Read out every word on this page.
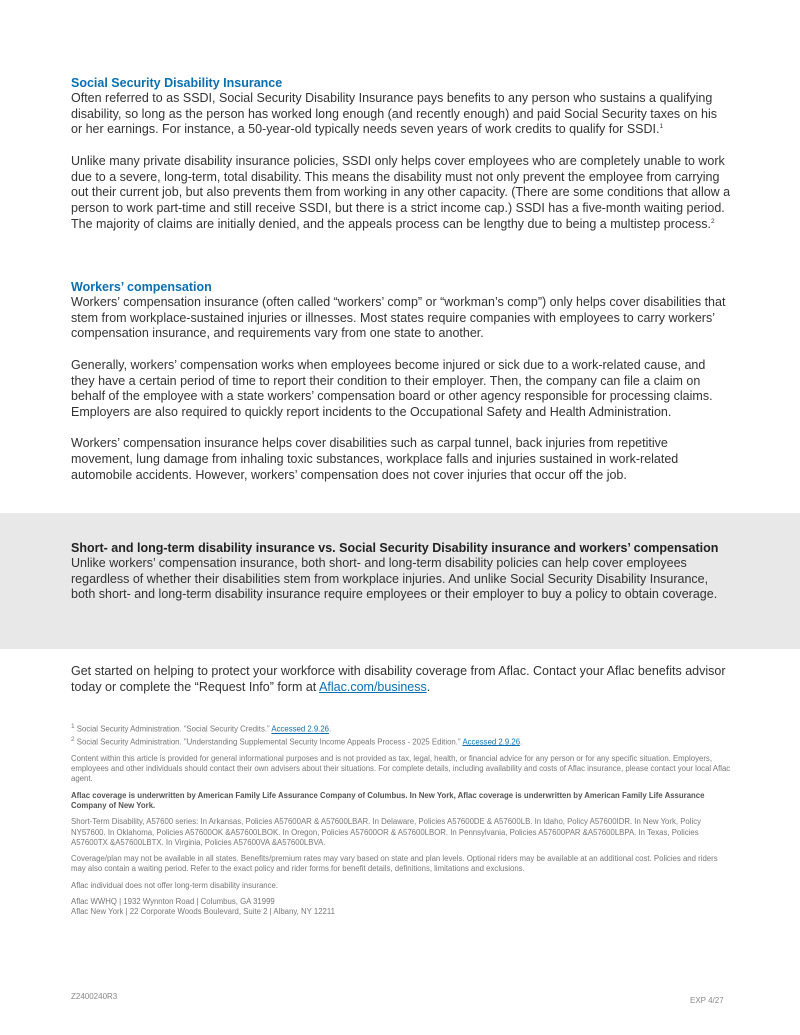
Social Security Disability Insurance

Often referred to as SSDI, Social Security Disability Insurance pays benefits to any person who sustains a qualifying disability, so long as the person has worked long enough (and recently enough) and paid Social Security taxes on his or her earnings. For instance, a 50-year-old typically needs seven years of work credits to qualify for SSDI.$^1$

Unlike many private disability insurance policies, SSDI only helps cover employees who are completely unable to work due to a severe, long-term, total disability. This means the disability must not only prevent the employee from carrying out their current job, but also prevents them from working in any other capacity. (There are some conditions that allow a person to work part-time and still receive SSDI, but there is a strict income cap.) SSDI has a five-month waiting period. The majority of claims are initially denied, and the appeals process can be lengthy due to being a multistep process.$^2$

Workers’ compensation

Workers’ compensation insurance (often called “workers’ comp” or “workman’s comp”) only helps cover disabilities that stem from workplace-sustained injuries or illnesses. Most states require companies with employees to carry workers’ compensation insurance, and requirements vary from one state to another.

Generally, workers’ compensation works when employees become injured or sick due to a work-related cause, and they have a certain period of time to report their condition to their employer. Then, the company can file a claim on behalf of the employee with a state workers’ compensation board or other agency responsible for processing claims. Employers are also required to quickly report incidents to the Occupational Safety and Health Administration.

Workers’ compensation insurance helps cover disabilities such as carpal tunnel, back injuries from repetitive movement, lung damage from inhaling toxic substances, workplace falls and injuries sustained in work-related automobile accidents. However, workers’ compensation does not cover injuries that occur off the job.

Short- and long-term disability insurance vs. Social Security Disability insurance and workers’ compensation

Unlike workers’ compensation insurance, both short- and long-term disability policies can help cover employees regardless of whether their disabilities stem from workplace injuries. And unlike Social Security Disability Insurance, both short- and long-term disability insurance require employees or their employer to buy a policy to obtain coverage.

Get started on helping to protect your workforce with disability coverage from Aflac. Contact your Aflac benefits advisor today or complete the “Request Info” form at Aflac.com/business.

$^1$ Social Security Administration. “Social Security Credits.” Accessed 2.9.26.

$^2$ Social Security Administration. "Understanding Supplemental Security Income Appeals Process - 2025 Edition." Accessed 2.9.26.

Content within this article is provided for general informational purposes and is not provided as tax, legal, health, or financial advice for any person or for any specific situation. Employers, employees and other individuals should contact their own advisers about their situations. For complete details, including availability and costs of Aflac insurance, please contact your local Aflac agent.

Aflac coverage is underwritten by American Family Life Assurance Company of Columbus. In New York, Aflac coverage is underwritten by American Family Life Assurance Company of New York.

Short-Term Disability, A57600 series: In Arkansas, Policies A57600AR & A57600LBAR. In Delaware, Policies A57600DE & A57600LB. In Idaho, Policy A57600IDR. In New York, Policy NY57600. In Oklahoma, Policies A57600OK &A57600LBOK. In Oregon, Policies A57600OR & A57600LBOR. In Pennsylvania, Policies A57600PAR &A57600LBPA. In Texas, Policies A57600TX &A57600LBTX. In Virginia, Policies A57600VA &A57600LBVA.

Coverage/plan may not be available in all states. Benefits/premium rates may vary based on state and plan levels. Optional riders may be available at an additional cost. Policies and riders may also contain a waiting period. Refer to the exact policy and rider forms for benefit details, definitions, limitations and exclusions.

Aflac individual does not offer long-term disability insurance.

Aflac WWHQ | 1932 Wynnton Road | Columbus, GA 31999

Aflac New York | 22 Corporate Woods Boulevard, Suite 2 | Albany, NY 12211

Z2400240R3	EXP 4/27
